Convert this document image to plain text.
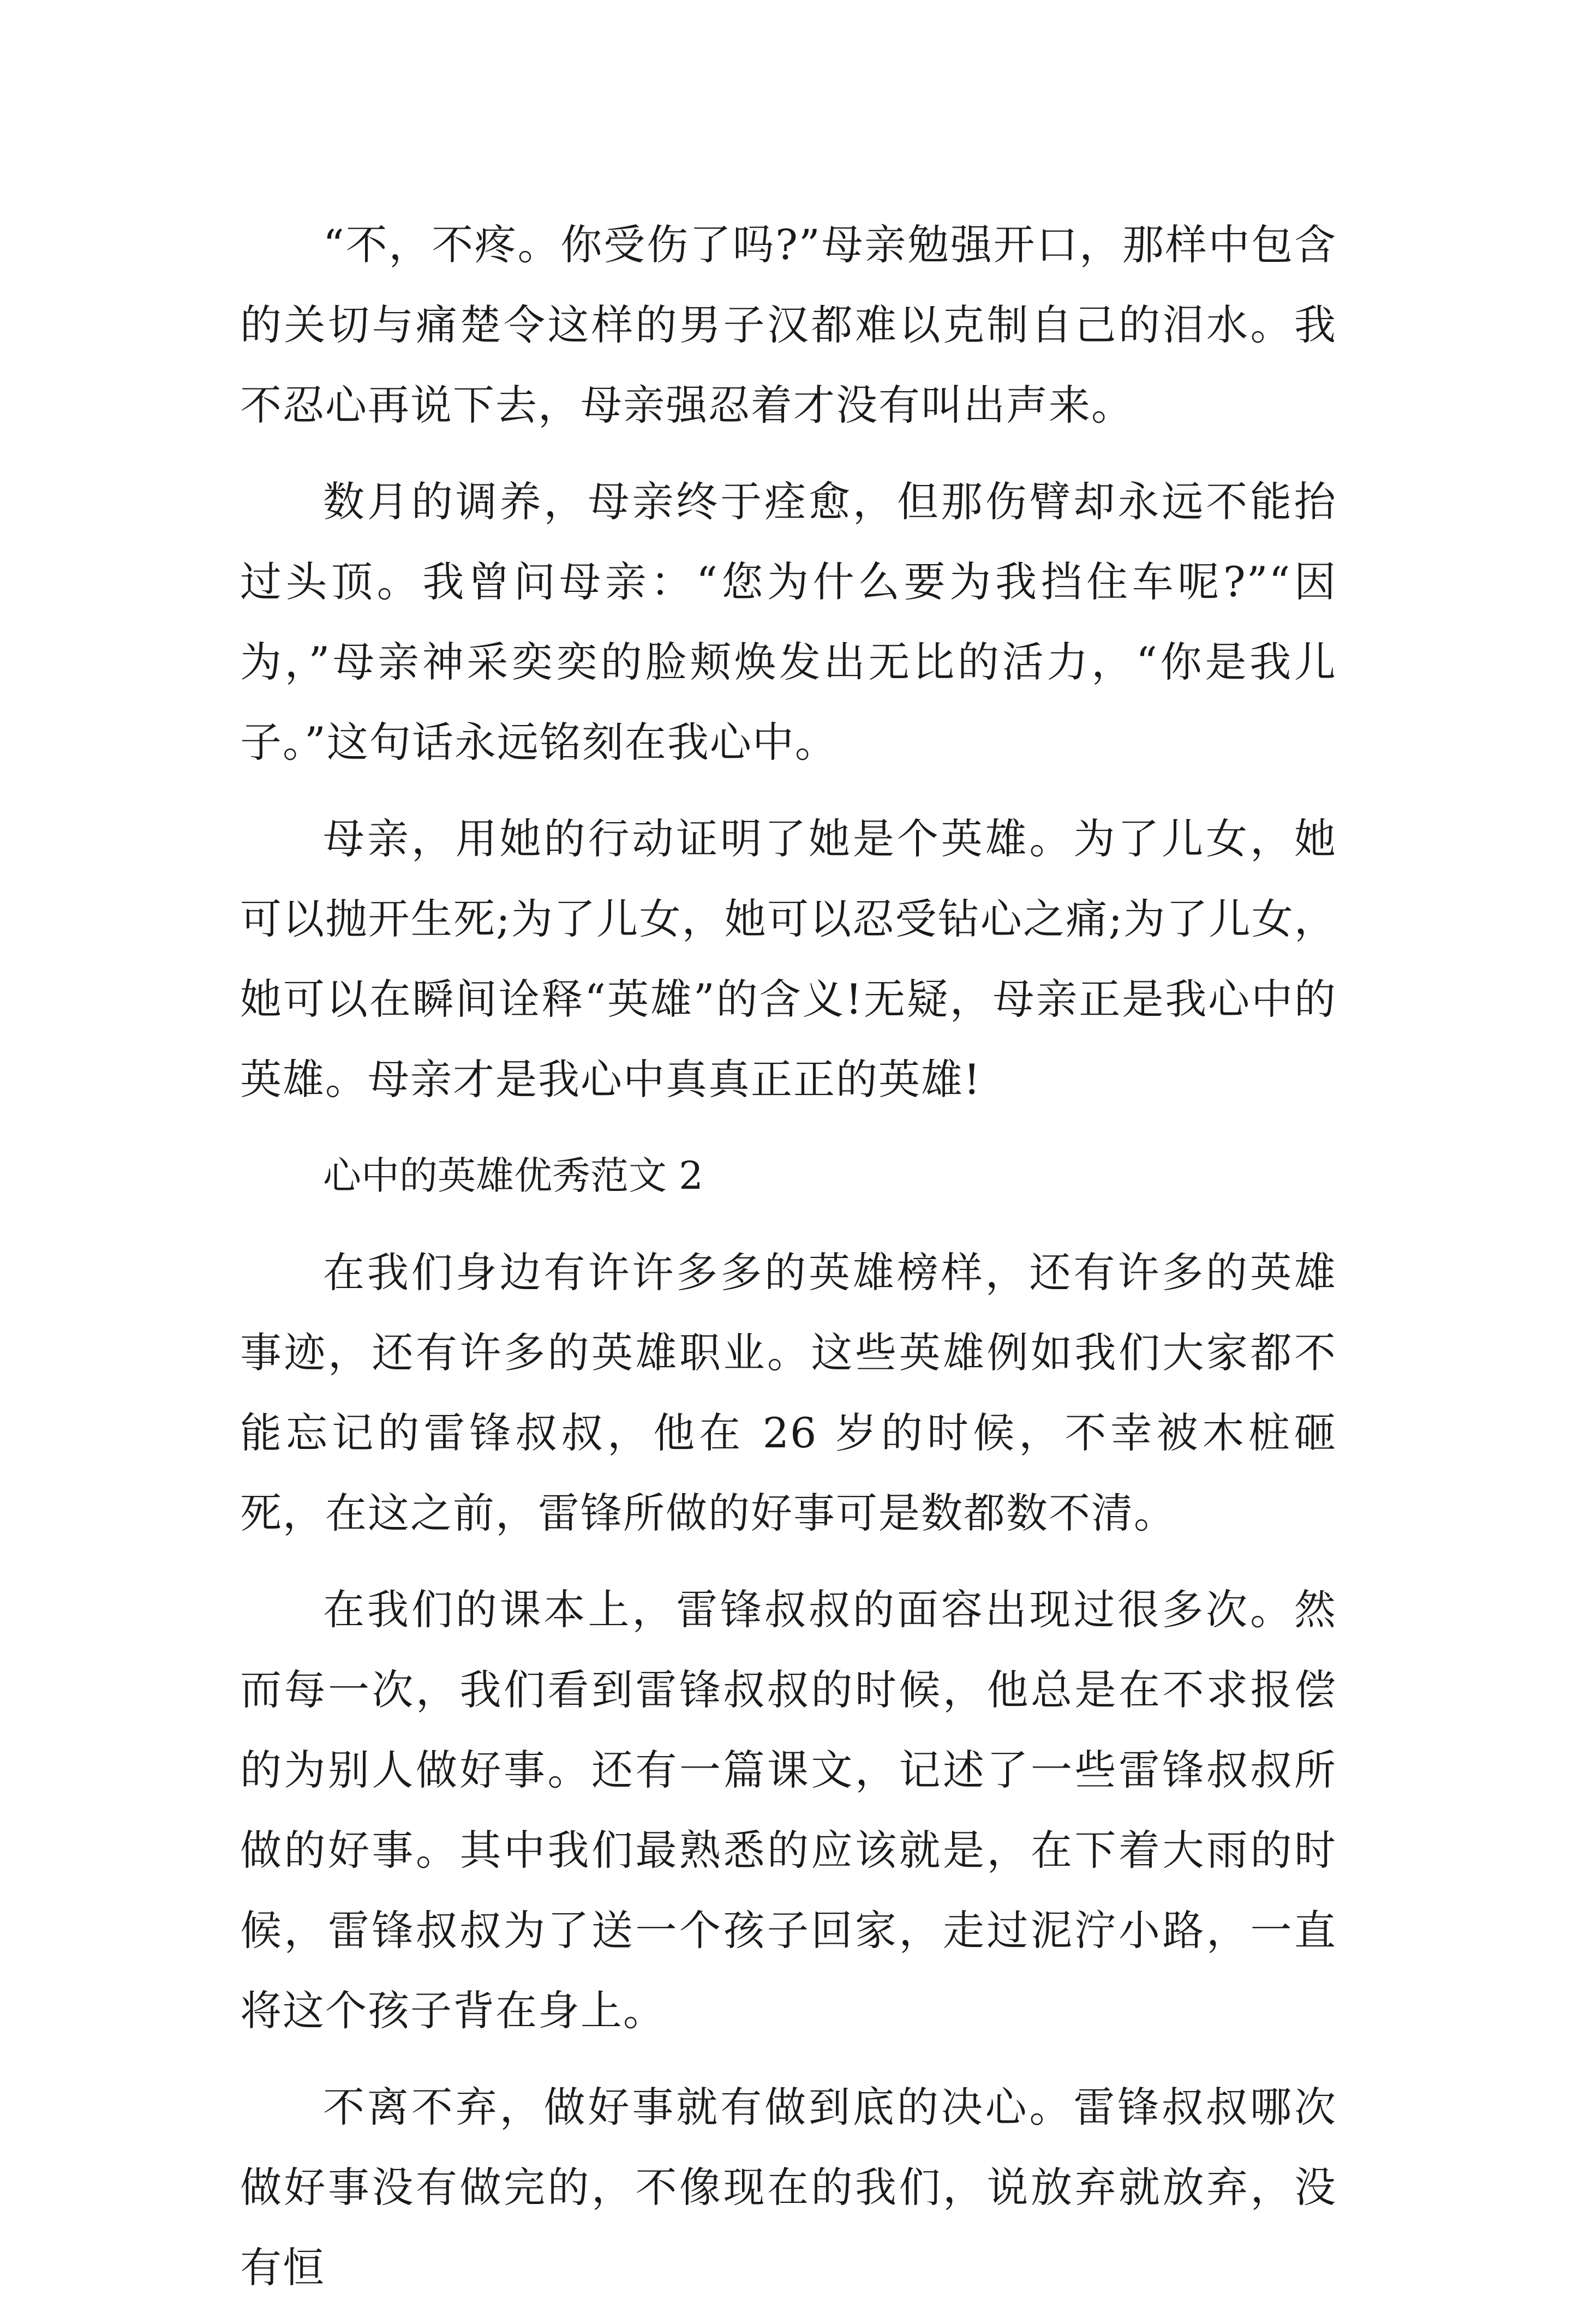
“不，不疼。你受伤了吗?”母亲勉强开口，那样中包含的关切与痛楚令这样的男子汉都难以克制自己的泪水。我不忍心再说下去，母亲强忍着才没有叫出声来。

数月的调养，母亲终于痊愈，但那伤臂却永远不能抬过头顶。我曾问母亲：“您为什么要为我挡住车呢?”“因为，”母亲神采奕奕的脸颊焕发出无比的活力，“你是我儿子。”这句话永远铭刻在我心中。

母亲，用她的行动证明了她是个英雄。为了儿女，她可以抛开生死;为了儿女，她可以忍受钻心之痛;为了儿女，她可以在瞬间诠释“英雄”的含义!无疑，母亲正是我心中的英雄。母亲才是我心中真真正正的英雄!

心中的英雄优秀范文 2

在我们身边有许许多多的英雄榜样，还有许多的英雄事迹，还有许多的英雄职业。这些英雄例如我们大家都不能忘记的雷锋叔叔，他在 26 岁的时候，不幸被木桩砸死，在这之前，雷锋所做的好事可是数都数不清。

在我们的课本上，雷锋叔叔的面容出现过很多次。然而每一次，我们看到雷锋叔叔的时候，他总是在不求报偿的为别人做好事。还有一篇课文，记述了一些雷锋叔叔所做的好事。其中我们最熟悉的应该就是，在下着大雨的时候，雷锋叔叔为了送一个孩子回家，走过泥泞小路，一直将这个孩子背在身上。

不离不弃，做好事就有做到底的决心。雷锋叔叔哪次做好事没有做完的，不像现在的我们，说放弃就放弃，没有恒
